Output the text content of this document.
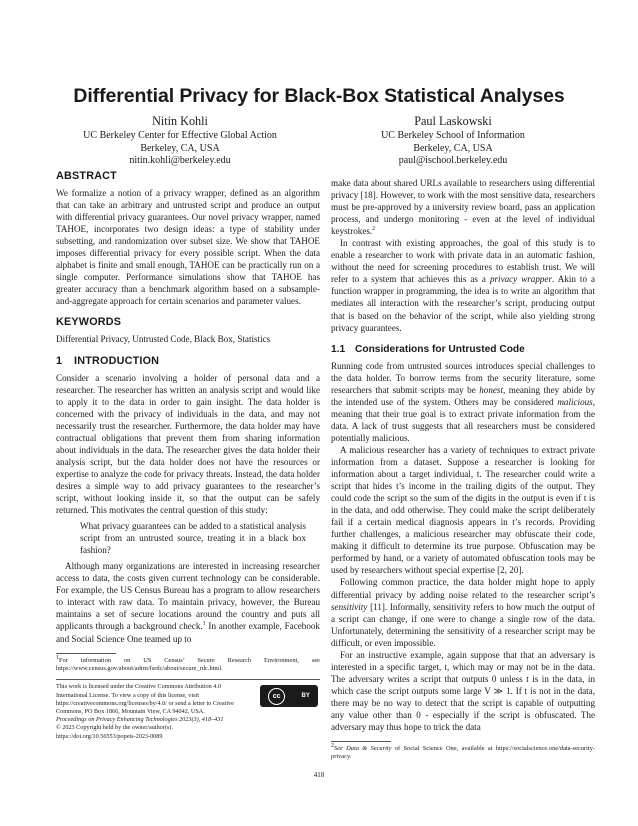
Differential Privacy for Black-Box Statistical Analyses
Nitin Kohli
UC Berkeley Center for Effective Global Action
Berkeley, CA, USA
nitin.kohli@berkeley.edu
Paul Laskowski
UC Berkeley School of Information
Berkeley, CA, USA
paul@ischool.berkeley.edu
ABSTRACT

We formalize a notion of a privacy wrapper, defined as an algorithm that can take an arbitrary and untrusted script and produce an output with differential privacy guarantees. Our novel privacy wrapper, named TAHOE, incorporates two design ideas: a type of stability under subsetting, and randomization over subset size. We show that TAHOE imposes differential privacy for every possible script. When the data alphabet is finite and small enough, TAHOE can be practically run on a single computer. Performance simulations show that TAHOE has greater accuracy than a benchmark algorithm based on a subsample-and-aggregate approach for certain scenarios and parameter values.

KEYWORDS

Differential Privacy, Untrusted Code, Black Box, Statistics

1 INTRODUCTION

Consider a scenario involving a holder of personal data and a researcher. The researcher has written an analysis script and would like to apply it to the data in order to gain insight. The data holder is concerned with the privacy of individuals in the data, and may not necessarily trust the researcher. Furthermore, the data holder may have contractual obligations that prevent them from sharing information about individuals in the data. The researcher gives the data holder their analysis script, but the data holder does not have the resources or expertise to analyze the code for privacy threats. Instead, the data holder desires a simple way to add privacy guarantees to the researcher’s script, without looking inside it, so that the output can be safely returned. This motivates the central question of this study:

What privacy guarantees can be added to a statistical analysis script from an untrusted source, treating it in a black box fashion?

Although many organizations are interested in increasing researcher access to data, the costs given current technology can be considerable. For example, the US Census Bureau has a program to allow researchers to interact with raw data. To maintain privacy, however, the Bureau maintains a set of secure locations around the country and puts all applicants through a background check.$^1$ In another example, Facebook and Social Science One teamed up to

$^1$For information on US Census’ Secure Research Environment, see https://www.census.gov/about/adrm/fsrdc/about/secure_rdc.html.

This work is licensed under the Creative Commons Attribution 4.0 International License. To view a copy of this license, visit https://creativecommons.org/licenses/by/4.0/ or send a letter to Creative Commons, PO Box 1866, Mountain View, CA 94042, USA.
Proceedings on Privacy Enhancing Technologies 2023(3), 418–431
© 2023 Copyright held by the owner/author(s).
https://doi.org/10.56553/popets-2023-0089
cc	BY

make data about shared URLs available to researchers using differential privacy [18]. However, to work with the most sensitive data, researchers must be pre-approved by a university review board, pass an application process, and undergo monitoring - even at the level of individual keystrokes.$^2$

In contrast with existing approaches, the goal of this study is to enable a researcher to work with private data in an automatic fashion, without the need for screening procedures to establish trust. We will refer to a system that achieves this as a privacy wrapper. Akin to a function wrapper in programming, the idea is to write an algorithm that mediates all interaction with the researcher’s script, producing output that is based on the behavior of the script, while also yielding strong privacy guarantees.

1.1 Considerations for Untrusted Code

Running code from untrusted sources introduces special challenges to the data holder. To borrow terms from the security literature, some researchers that submit scripts may be honest, meaning they abide by the intended use of the system. Others may be considered malicious, meaning that their true goal is to extract private information from the data. A lack of trust suggests that all researchers must be considered potentially malicious.

A malicious researcher has a variety of techniques to extract private information from a dataset. Suppose a researcher is looking for information about a target individual, t. The researcher could write a script that hides t’s income in the trailing digits of the output. They could code the script so the sum of the digits in the output is even if t is in the data, and odd otherwise. They could make the script deliberately fail if a certain medical diagnosis appears in t’s records. Providing further challenges, a malicious researcher may obfuscate their code, making it difficult to determine its true purpose. Obfuscation may be performed by hand, or a variety of automated obfuscation tools may be used by researchers without special expertise [2, 20].

Following common practice, the data holder might hope to apply differential privacy by adding noise related to the researcher script’s sensitivity [11]. Informally, sensitivity refers to how much the output of a script can change, if one were to change a single row of the data. Unfortunately, determining the sensitivity of a researcher script may be difficult, or even impossible.

For an instructive example, again suppose that that an adversary is interested in a specific target, t, which may or may not be in the data. The adversary writes a script that outputs 0 unless t is in the data, in which case the script outputs some large V ≫ 1. If t is not in the data, there may be no way to detect that the script is capable of outputting any value other than 0 - especially if the script is obfuscated. The adversary may thus hope to trick the data

$^2$See Data & Security of Social Science One, available at https://socialscience.one/data-security-privacy.

418
